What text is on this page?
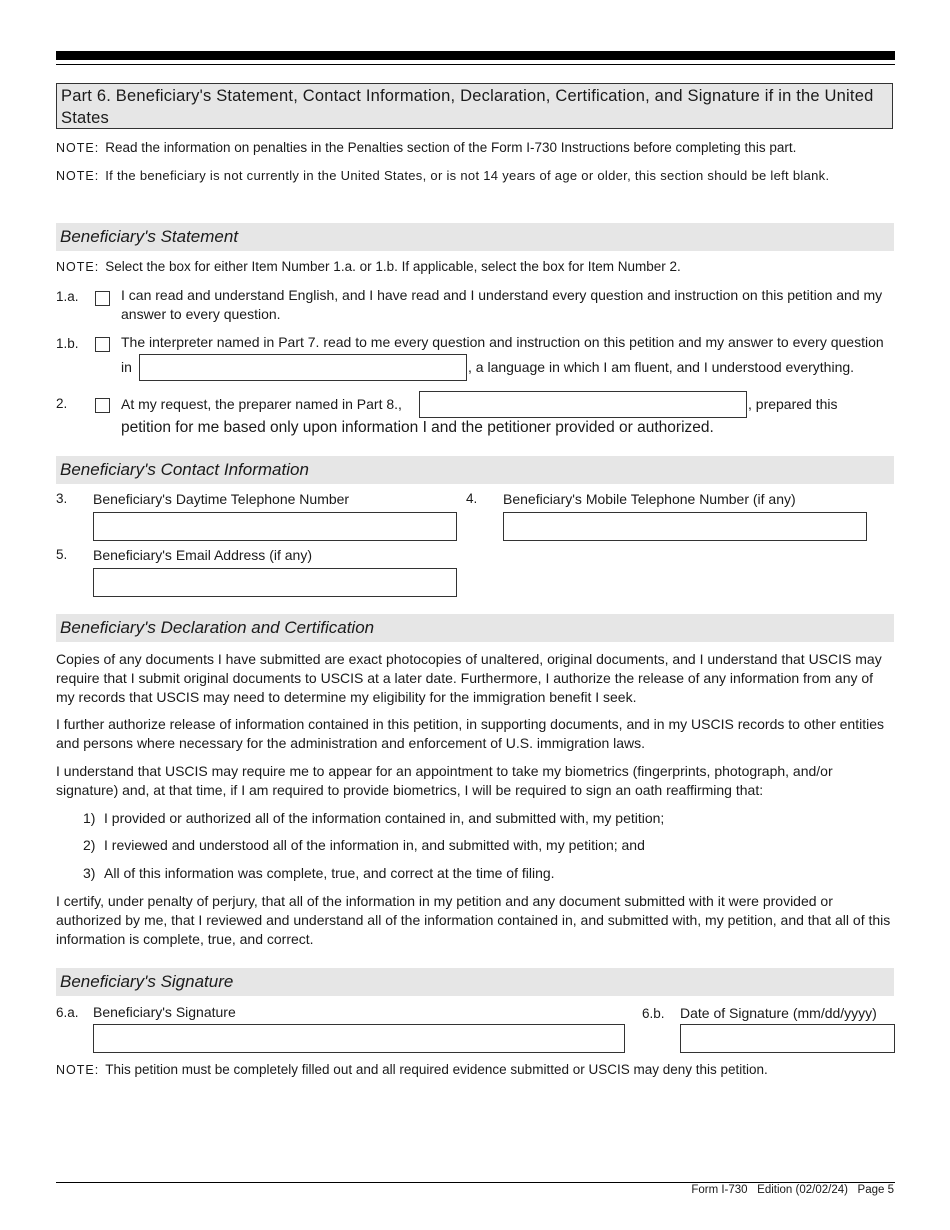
Part 6. Beneficiary's Statement, Contact Information, Declaration, Certification, and Signature if in the United States
NOTE: Read the information on penalties in the Penalties section of the Form I-730 Instructions before completing this part.
NOTE: If the beneficiary is not currently in the United States, or is not 14 years of age or older, this section should be left blank.
Beneficiary's Statement
NOTE: Select the box for either Item Number 1.a. or 1.b. If applicable, select the box for Item Number 2.
1.a.	I can read and understand English, and I have read and I understand every question and instruction on this petition and my answer to every question.
1.b.	The interpreter named in Part 7. read to me every question and instruction on this petition and my answer to every question
in	, a language in which I am fluent, and I understood everything.
2.	At my request, the preparer named in Part 8.,	, prepared this
petition for me based only upon information I and the petitioner provided or authorized.
Beneficiary's Contact Information
3. Beneficiary's Daytime Telephone Number	4. Beneficiary's Mobile Telephone Number (if any)
5. Beneficiary's Email Address (if any)
Beneficiary's Declaration and Certification
Copies of any documents I have submitted are exact photocopies of unaltered, original documents, and I understand that USCIS may require that I submit original documents to USCIS at a later date. Furthermore, I authorize the release of any information from any of my records that USCIS may need to determine my eligibility for the immigration benefit I seek.
I further authorize release of information contained in this petition, in supporting documents, and in my USCIS records to other entities and persons where necessary for the administration and enforcement of U.S. immigration laws.
I understand that USCIS may require me to appear for an appointment to take my biometrics (fingerprints, photograph, and/or signature) and, at that time, if I am required to provide biometrics, I will be required to sign an oath reaffirming that:
1) I provided or authorized all of the information contained in, and submitted with, my petition;
2) I reviewed and understood all of the information in, and submitted with, my petition; and
3) All of this information was complete, true, and correct at the time of filing.
I certify, under penalty of perjury, that all of the information in my petition and any document submitted with it were provided or authorized by me, that I reviewed and understand all of the information contained in, and submitted with, my petition, and that all of this information is complete, true, and correct.
Beneficiary's Signature
6.a. Beneficiary's Signature	6.b. Date of Signature (mm/dd/yyyy)
NOTE: This petition must be completely filled out and all required evidence submitted or USCIS may deny this petition.
Form I-730 Edition (02/02/24) Page 5
